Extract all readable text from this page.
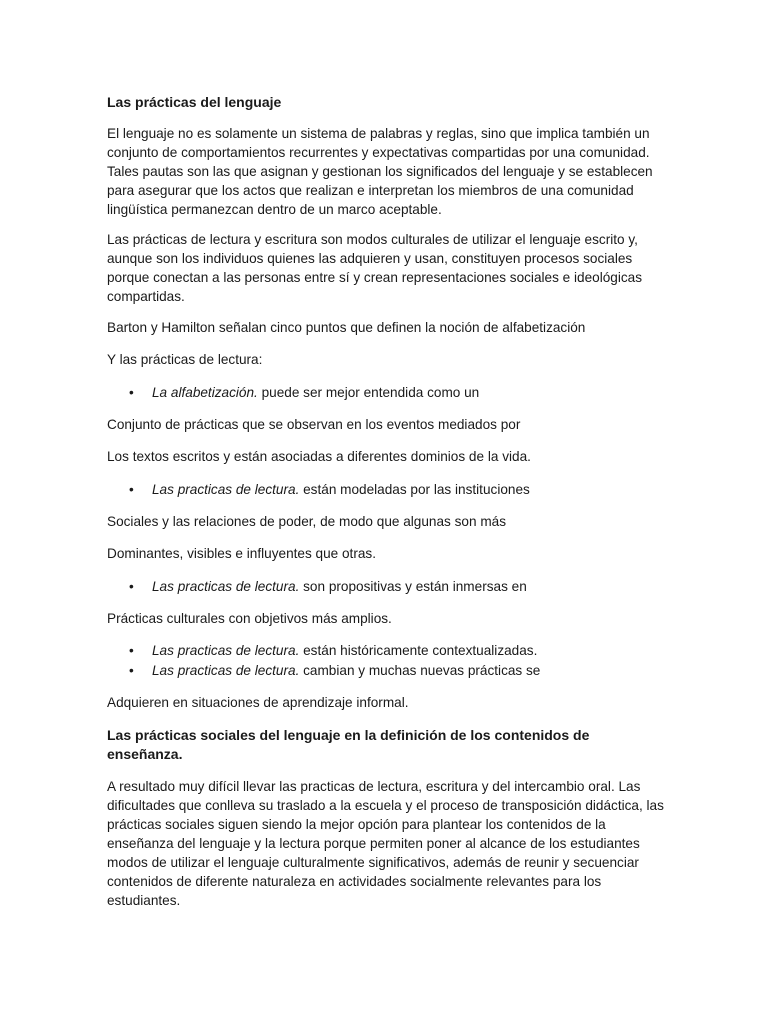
Las prácticas del lenguaje

El lenguaje no es solamente un sistema de palabras y reglas, sino que implica también un conjunto de comportamientos recurrentes y expectativas compartidas por una comunidad. Tales pautas son las que asignan y gestionan los significados del lenguaje y se establecen para asegurar que los actos que realizan e interpretan los miembros de una comunidad lingüística permanezcan dentro de un marco aceptable.

Las prácticas de lectura y escritura son modos culturales de utilizar el lenguaje escrito y, aunque son los individuos quienes las adquieren y usan, constituyen procesos sociales porque conectan a las personas entre sí y crean representaciones sociales e ideológicas compartidas.

Barton y Hamilton señalan cinco puntos que definen la noción de alfabetización

Y las prácticas de lectura:

• La alfabetización. puede ser mejor entendida como un

Conjunto de prácticas que se observan en los eventos mediados por

Los textos escritos y están asociadas a diferentes dominios de la vida.

• Las practicas de lectura. están modeladas por las instituciones

Sociales y las relaciones de poder, de modo que algunas son más

Dominantes, visibles e influyentes que otras.

• Las practicas de lectura. son propositivas y están inmersas en

Prácticas culturales con objetivos más amplios.

• Las practicas de lectura. están históricamente contextualizadas.
• Las practicas de lectura. cambian y muchas nuevas prácticas se

Adquieren en situaciones de aprendizaje informal.

Las prácticas sociales del lenguaje en la definición de los contenidos de enseñanza.

A resultado muy difícil llevar las practicas de lectura, escritura y del intercambio oral. Las dificultades que conlleva su traslado a la escuela y el proceso de transposición didáctica, las prácticas sociales siguen siendo la mejor opción para plantear los contenidos de la enseñanza del lenguaje y la lectura porque permiten poner al alcance de los estudiantes modos de utilizar el lenguaje culturalmente significativos, además de reunir y secuenciar contenidos de diferente naturaleza en actividades socialmente relevantes para los estudiantes.
